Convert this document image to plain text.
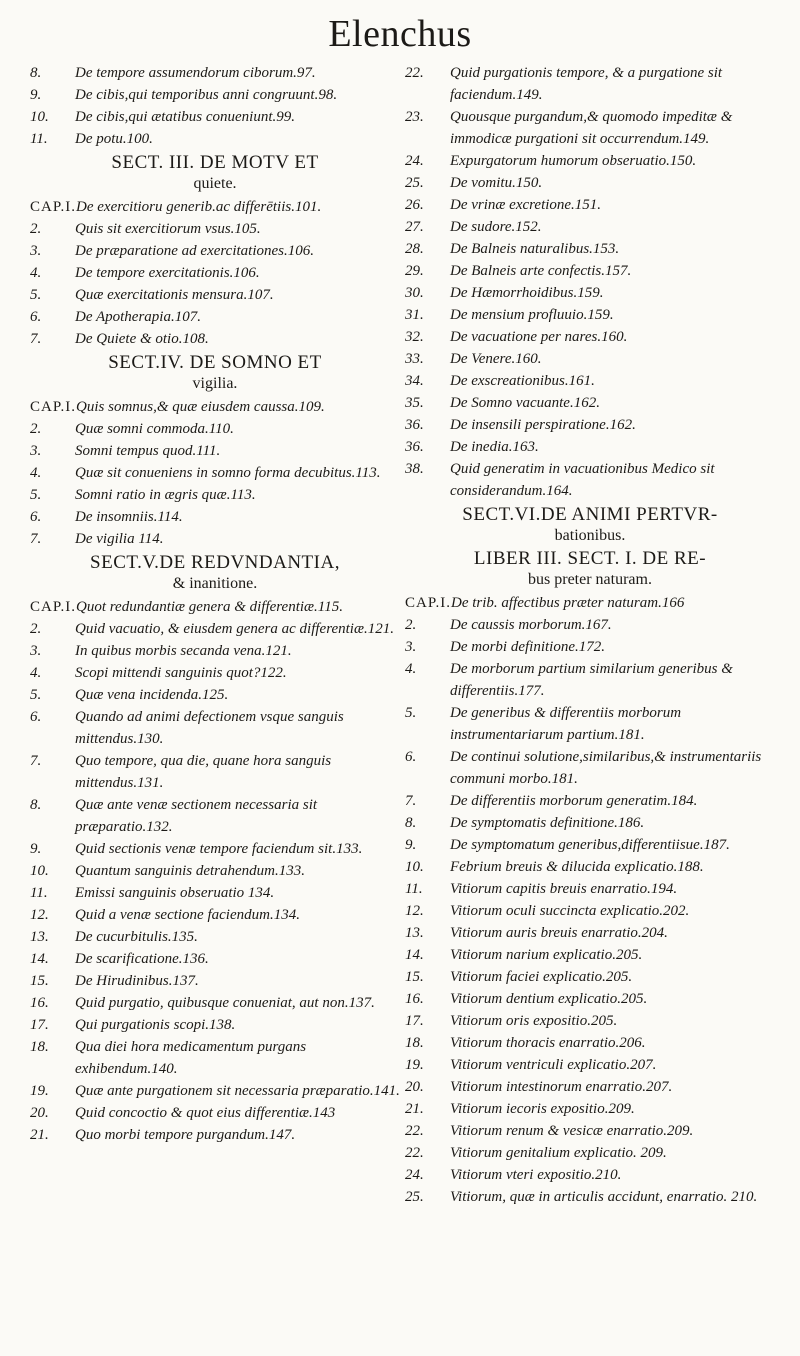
Elenchus
8.	De tempore assumendorum ciborum.97.
9.	De cibis,qui temporibus anni congruunt.98.
10.	De cibis,qui ætatibus conueniunt.99.
11.	De potu.100.
SECT. III. DE MOTV ET
quiete.
CAP.I.De exercitioru generib.ac differētiis.101.
2.	Quis sit exercitiorum vsus.105.
3.	De præparatione ad exercitationes.106.
4.	De tempore exercitationis.106.
5.	Quæ exercitationis mensura.107.
6.	De Apotherapia.107.
7.	De Quiete & otio.108.
SECT.IV. DE SOMNO ET
vigilia.
CAP.I.Quis somnus,& quæ eiusdem caussa.109.
2.	Quæ somni commoda.110.
3.	Somni tempus quod.111.
4.	Quæ sit conueniens in somno forma decubitus.113.
5.	Somni ratio in ægris quæ.113.
6.	De insomniis.114.
7.	De vigilia 114.
SECT.V.DE REDVNDANTIA,
& inanitione.
CAP.I.Quot redundantiæ genera & differentiæ.115.
2.	Quid vacuatio, & eiusdem genera ac differentiæ.121.
3.	In quibus morbis secanda vena.121.
4.	Scopi mittendi sanguinis quot?122.
5.	Quæ vena incidenda.125.
6.	Quando ad animi defectionem vsque sanguis mittendus.130.
7.	Quo tempore, qua die, quane hora sanguis mittendus.131.
8.	Quæ ante venæ sectionem necessaria sit præparatio.132.
9.	Quid sectionis venæ tempore faciendum sit.133.
10.	Quantum sanguinis detrahendum.133.
11.	Emissi sanguinis obseruatio 134.
12.	Quid a venæ sectione faciendum.134.
13.	De cucurbitulis.135.
14.	De scarificatione.136.
15.	De Hirudinibus.137.
16.	Quid purgatio, quibusque conueniat, aut non.137.
17.	Qui purgationis scopi.138.
18.	Qua diei hora medicamentum purgans exhibendum.140.
19.	Quæ ante purgationem sit necessaria præparatio.141.
20.	Quid concoctio & quot eius differentiæ.143
21.	Quo morbi tempore purgandum.147.
22.	Quid purgationis tempore, & a purgatione sit faciendum.149.
23.	Quousque purgandum,& quomodo impeditæ & immodicæ purgationi sit occurrendum.149.
24.	Expurgatorum humorum obseruatio.150.
25.	De vomitu.150.
26.	De vrinæ excretione.151.
27.	De sudore.152.
28.	De Balneis naturalibus.153.
29.	De Balneis arte confectis.157.
30.	De Hæmorrhoidibus.159.
31.	De mensium profluuio.159.
32.	De vacuatione per nares.160.
33.	De Venere.160.
34.	De exscreationibus.161.
35.	De Somno vacuante.162.
36.	De insensili perspiratione.162.
36.	De inedia.163.
38.	Quid generatim in vacuationibus Medico sit considerandum.164.
SECT.VI.DE ANIMI PERTVR-
bationibus.
LIBER III. SECT. I. DE RE-
bus preter naturam.
CAP.I.De trib. affectibus præter naturam.166
2.	De caussis morborum.167.
3.	De morbi definitione.172.
4.	De morborum partium similarium generibus & differentiis.177.
5.	De generibus & differentiis morborum instrumentariarum partium.181.
6.	De continui solutione,similaribus,& instrumentariis communi morbo.181.
7.	De differentiis morborum generatim.184.
8.	De symptomatis definitione.186.
9.	De symptomatum generibus,differentiisue.187.
10.	Febrium breuis & dilucida explicatio.188.
11.	Vitiorum capitis breuis enarratio.194.
12.	Vitiorum oculi succincta explicatio.202.
13.	Vitiorum auris breuis enarratio.204.
14.	Vitiorum narium explicatio.205.
15.	Vitiorum faciei explicatio.205.
16.	Vitiorum dentium explicatio.205.
17.	Vitiorum oris expositio.205.
18.	Vitiorum thoracis enarratio.206.
19.	Vitiorum ventriculi explicatio.207.
20.	Vitiorum intestinorum enarratio.207.
21.	Vitiorum iecoris expositio.209.
22.	Vitiorum renum & vesicæ enarratio.209.
22.	Vitiorum genitalium explicatio. 209.
24.	Vitiorum vteri expositio.210.
25.	Vitiorum, quæ in articulis accidunt, enarratio. 210.
